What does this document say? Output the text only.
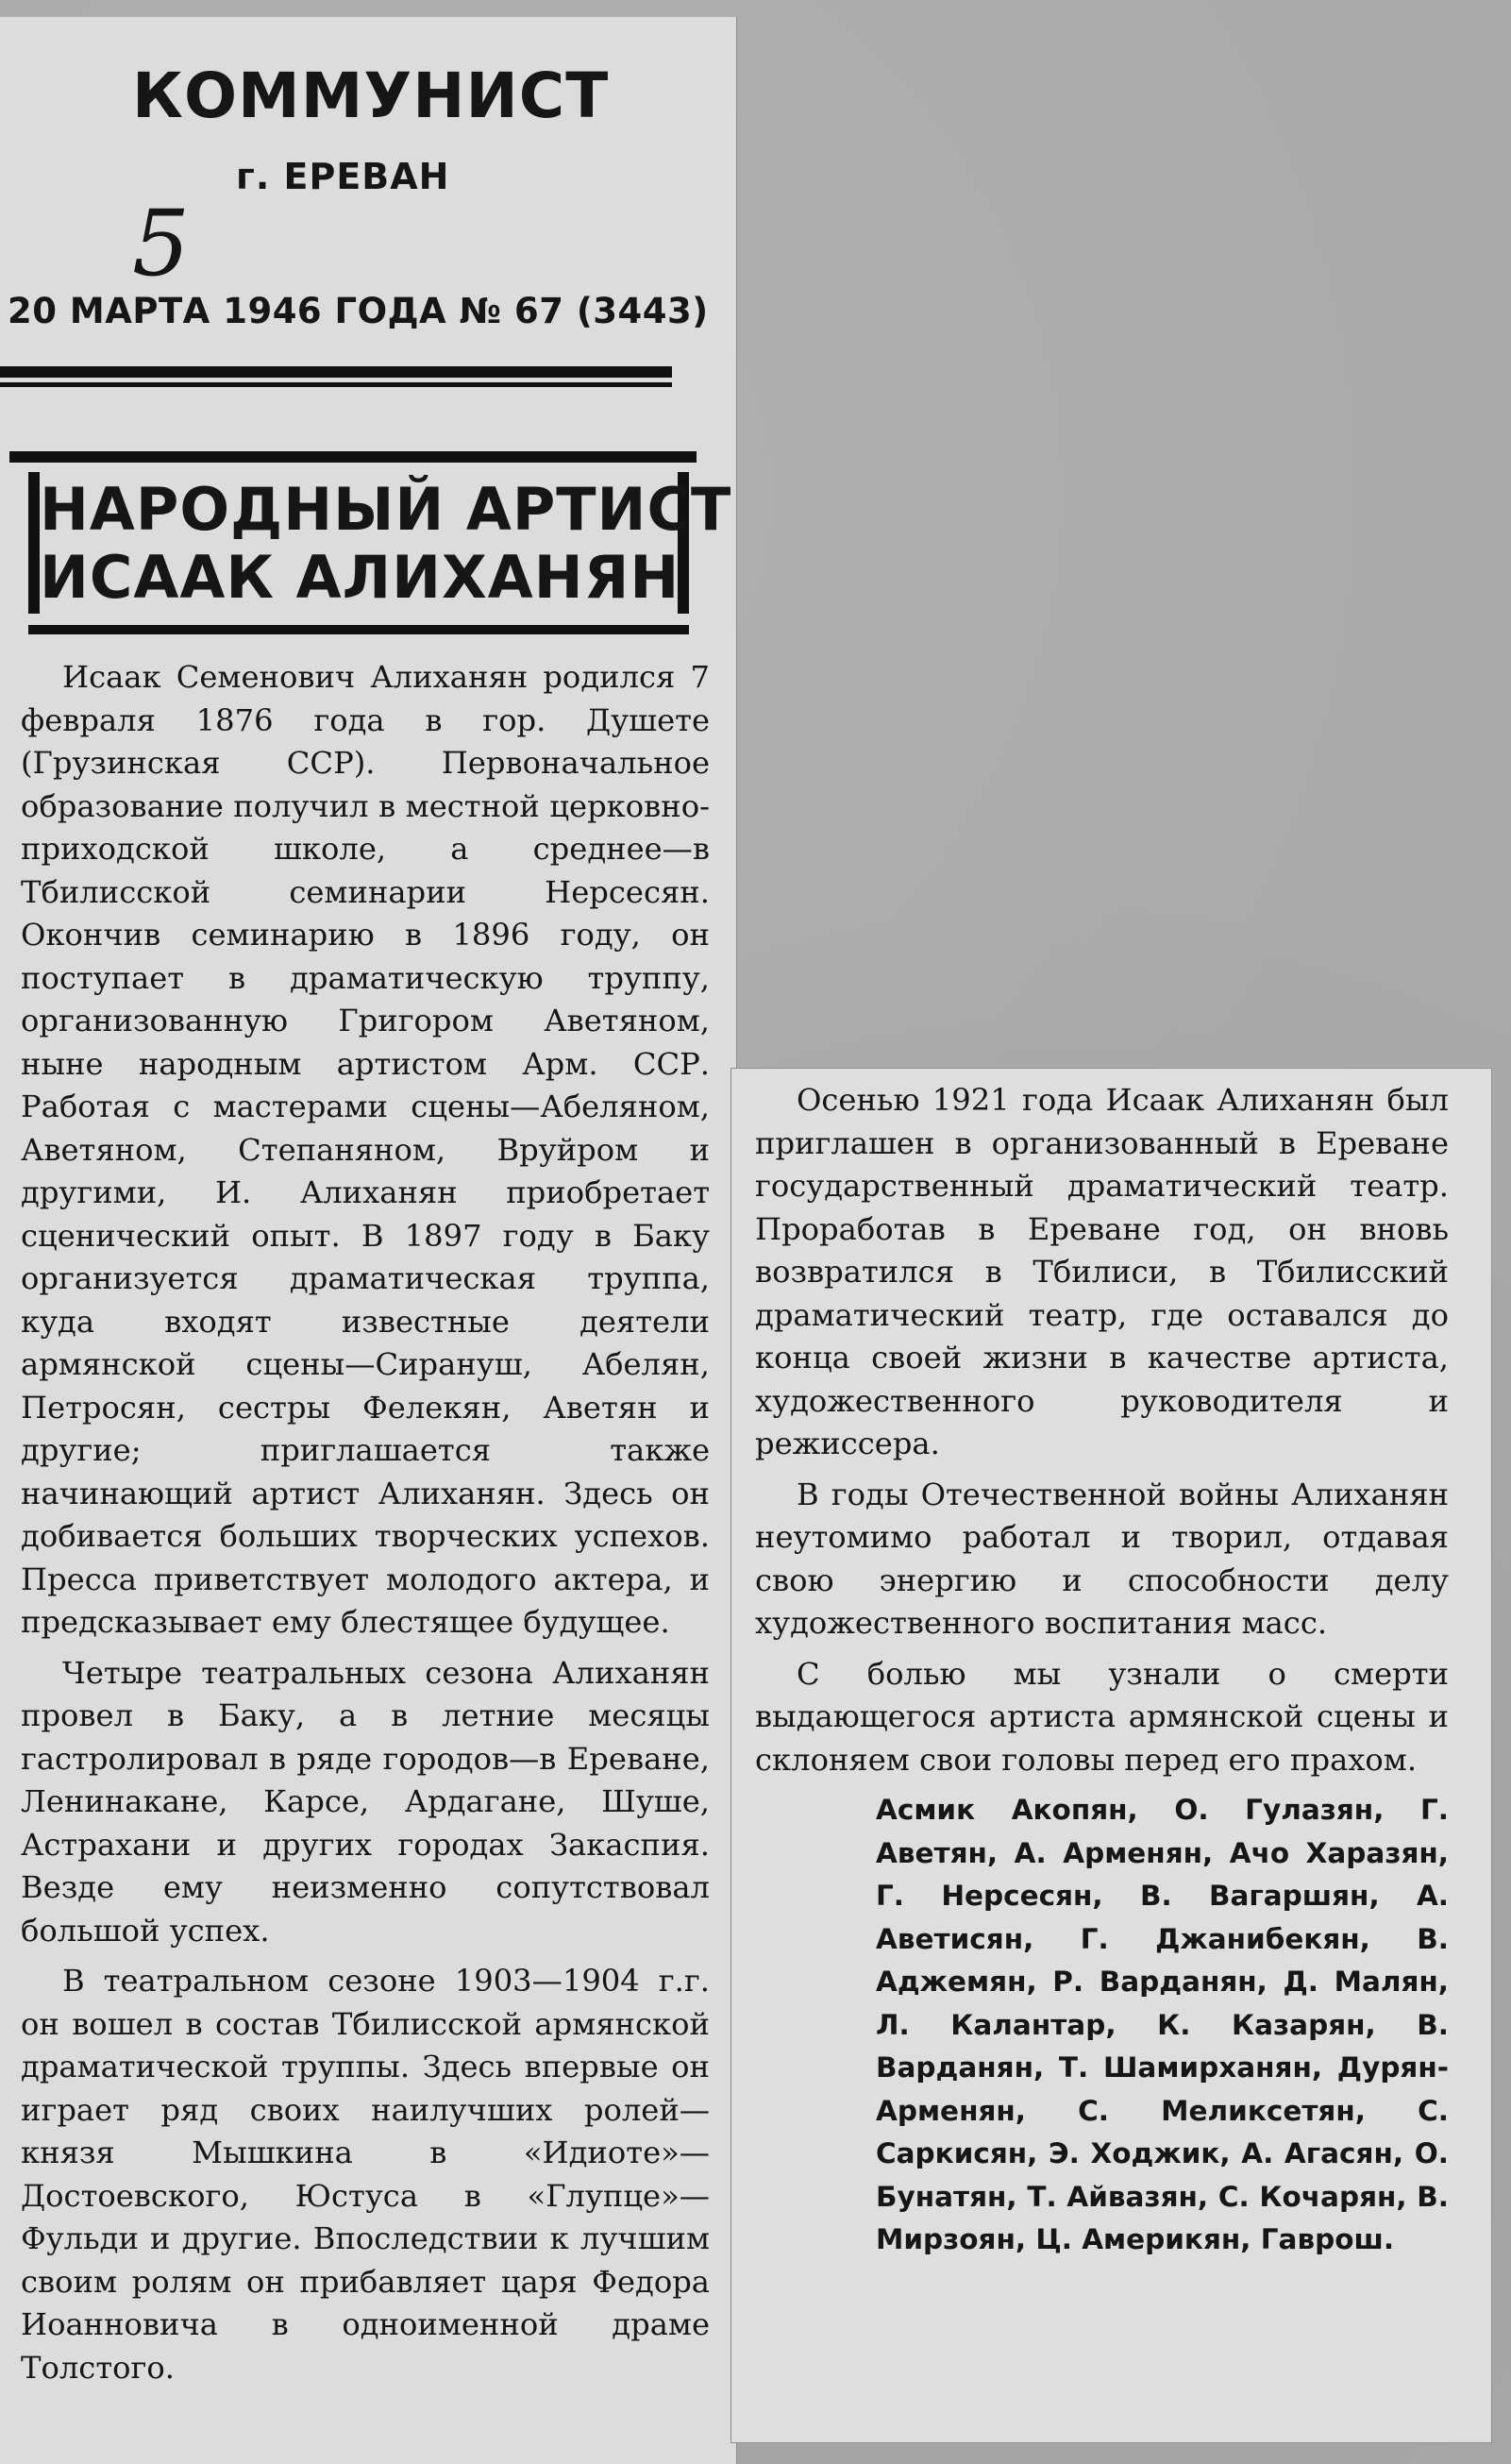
КОММУНИСТ
г. ЕРЕВАН
5
20 МАРТА 1946 ГОДА № 67 (3443)
НАРОДНЫЙ АРТИСТ
ИСААК АЛИХАНЯН

Исаак Семенович Алиханян родился 7 февраля 1876 года в гор. Душете (Грузинская ССР). Первоначальное образование получил в местной церковно-приходской школе, а среднее—в Тбилисской семинарии Нерсесян. Окончив семинарию в 1896 году, он поступает в драматическую труппу, организованную Григором Аветяном, ныне народным артистом Арм. ССР. Работая с мастерами сцены—Абеляном, Аветяном, Степаняном, Вруйром и другими, И. Алиханян приобретает сценический опыт. В 1897 году в Баку организуется драматическая труппа, куда входят известные деятели армянской сцены—Сирануш, Абелян, Петросян, сестры Фелекян, Аветян и другие; приглашается также начинающий артист Алиханян. Здесь он добивается больших творческих успехов. Пресса приветствует молодого актера, и предсказывает ему блестящее будущее.

Четыре театральных сезона Алиханян провел в Баку, а в летние месяцы гастролировал в ряде городов—в Ереване, Ленинакане, Карсе, Ардагане, Шуше, Астрахани и других городах Закаспия. Везде ему неизменно сопутствовал большой успех.

В театральном сезоне 1903—1904 г.г. он вошел в состав Тбилисской армянской драматической труппы. Здесь впервые он играет ряд своих наилучших ролей—князя Мышкина в «Идиоте»—Достоевского, Юстуса в «Глупце»—Фульди и другие. Впоследствии к лучшим своим ролям он прибавляет царя Федора Иоанновича в одноименной драме Толстого.

Осенью 1921 года Исаак Алиханян был приглашен в организованный в Ереване государственный драматический театр. Проработав в Ереване год, он вновь возвратился в Тбилиси, в Тбилисский драматический театр, где оставался до конца своей жизни в качестве артиста, художественного руководителя и режиссера.

В годы Отечественной войны Алиханян неутомимо работал и творил, отдавая свою энергию и способности делу художественного воспитания масс.

С болью мы узнали о смерти выдающегося артиста армянской сцены и склоняем свои головы перед его прахом.

Асмик Акопян, О. Гулазян, Г. Аветян, А. Арменян, Ачо Харазян, Г. Нерсесян, В. Вагаршян, А. Аветисян, Г. Джанибекян, В. Аджемян, Р. Варданян, Д. Малян, Л. Калантар, К. Казарян, В. Варданян, Т. Шамирханян, Дурян-Арменян, С. Меликсетян, С. Саркисян, Э. Ходжик, А. Агасян, О. Бунатян, Т. Айвазян, С. Кочарян, В. Мирзоян, Ц. Америкян, Гаврош.
